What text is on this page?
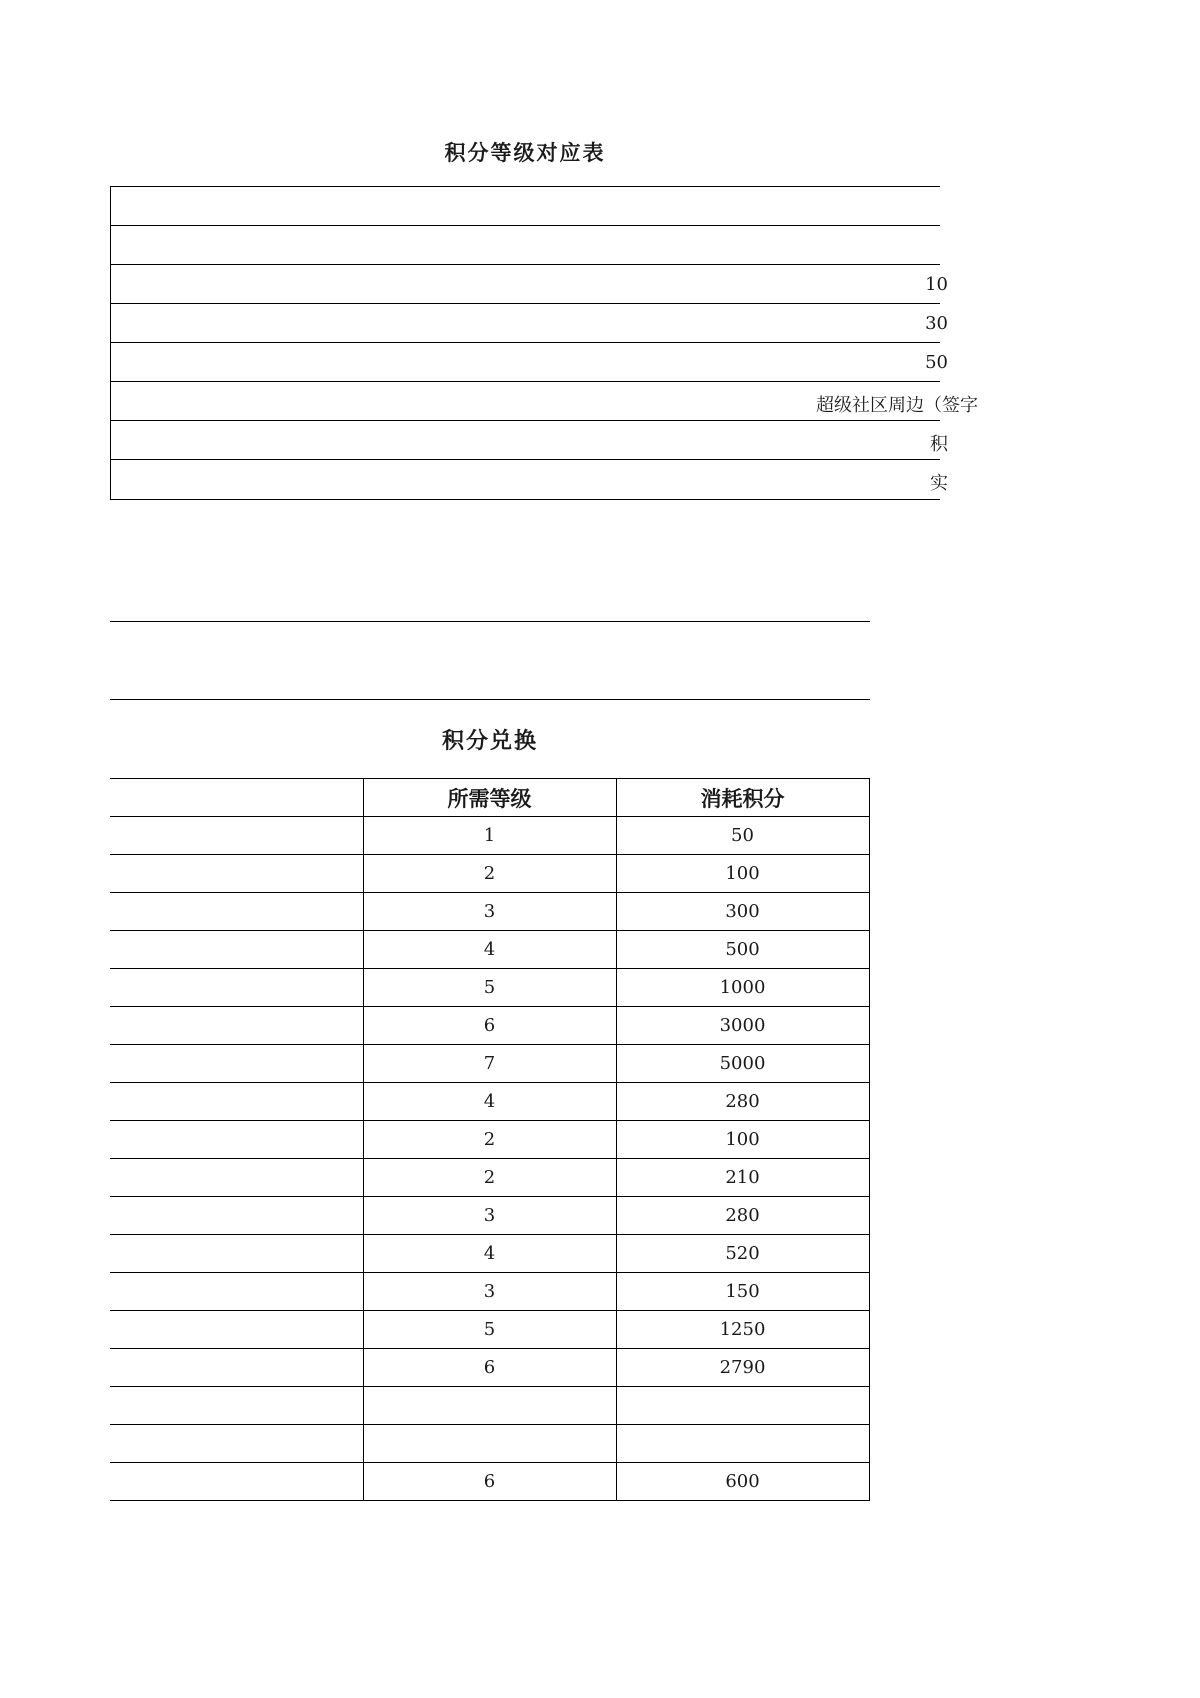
积分等级对应表
10
30
50
超级社区周边（签字
积
实
积分兑换
	所需等级	消耗积分
	1	50
	2	100
	3	300
	4	500
	5	1000
	6	3000
	7	5000
	4	280
	2	100
	2	210
	3	280
	4	520
	3	150
	5	1250
	6	2790

	6	600
